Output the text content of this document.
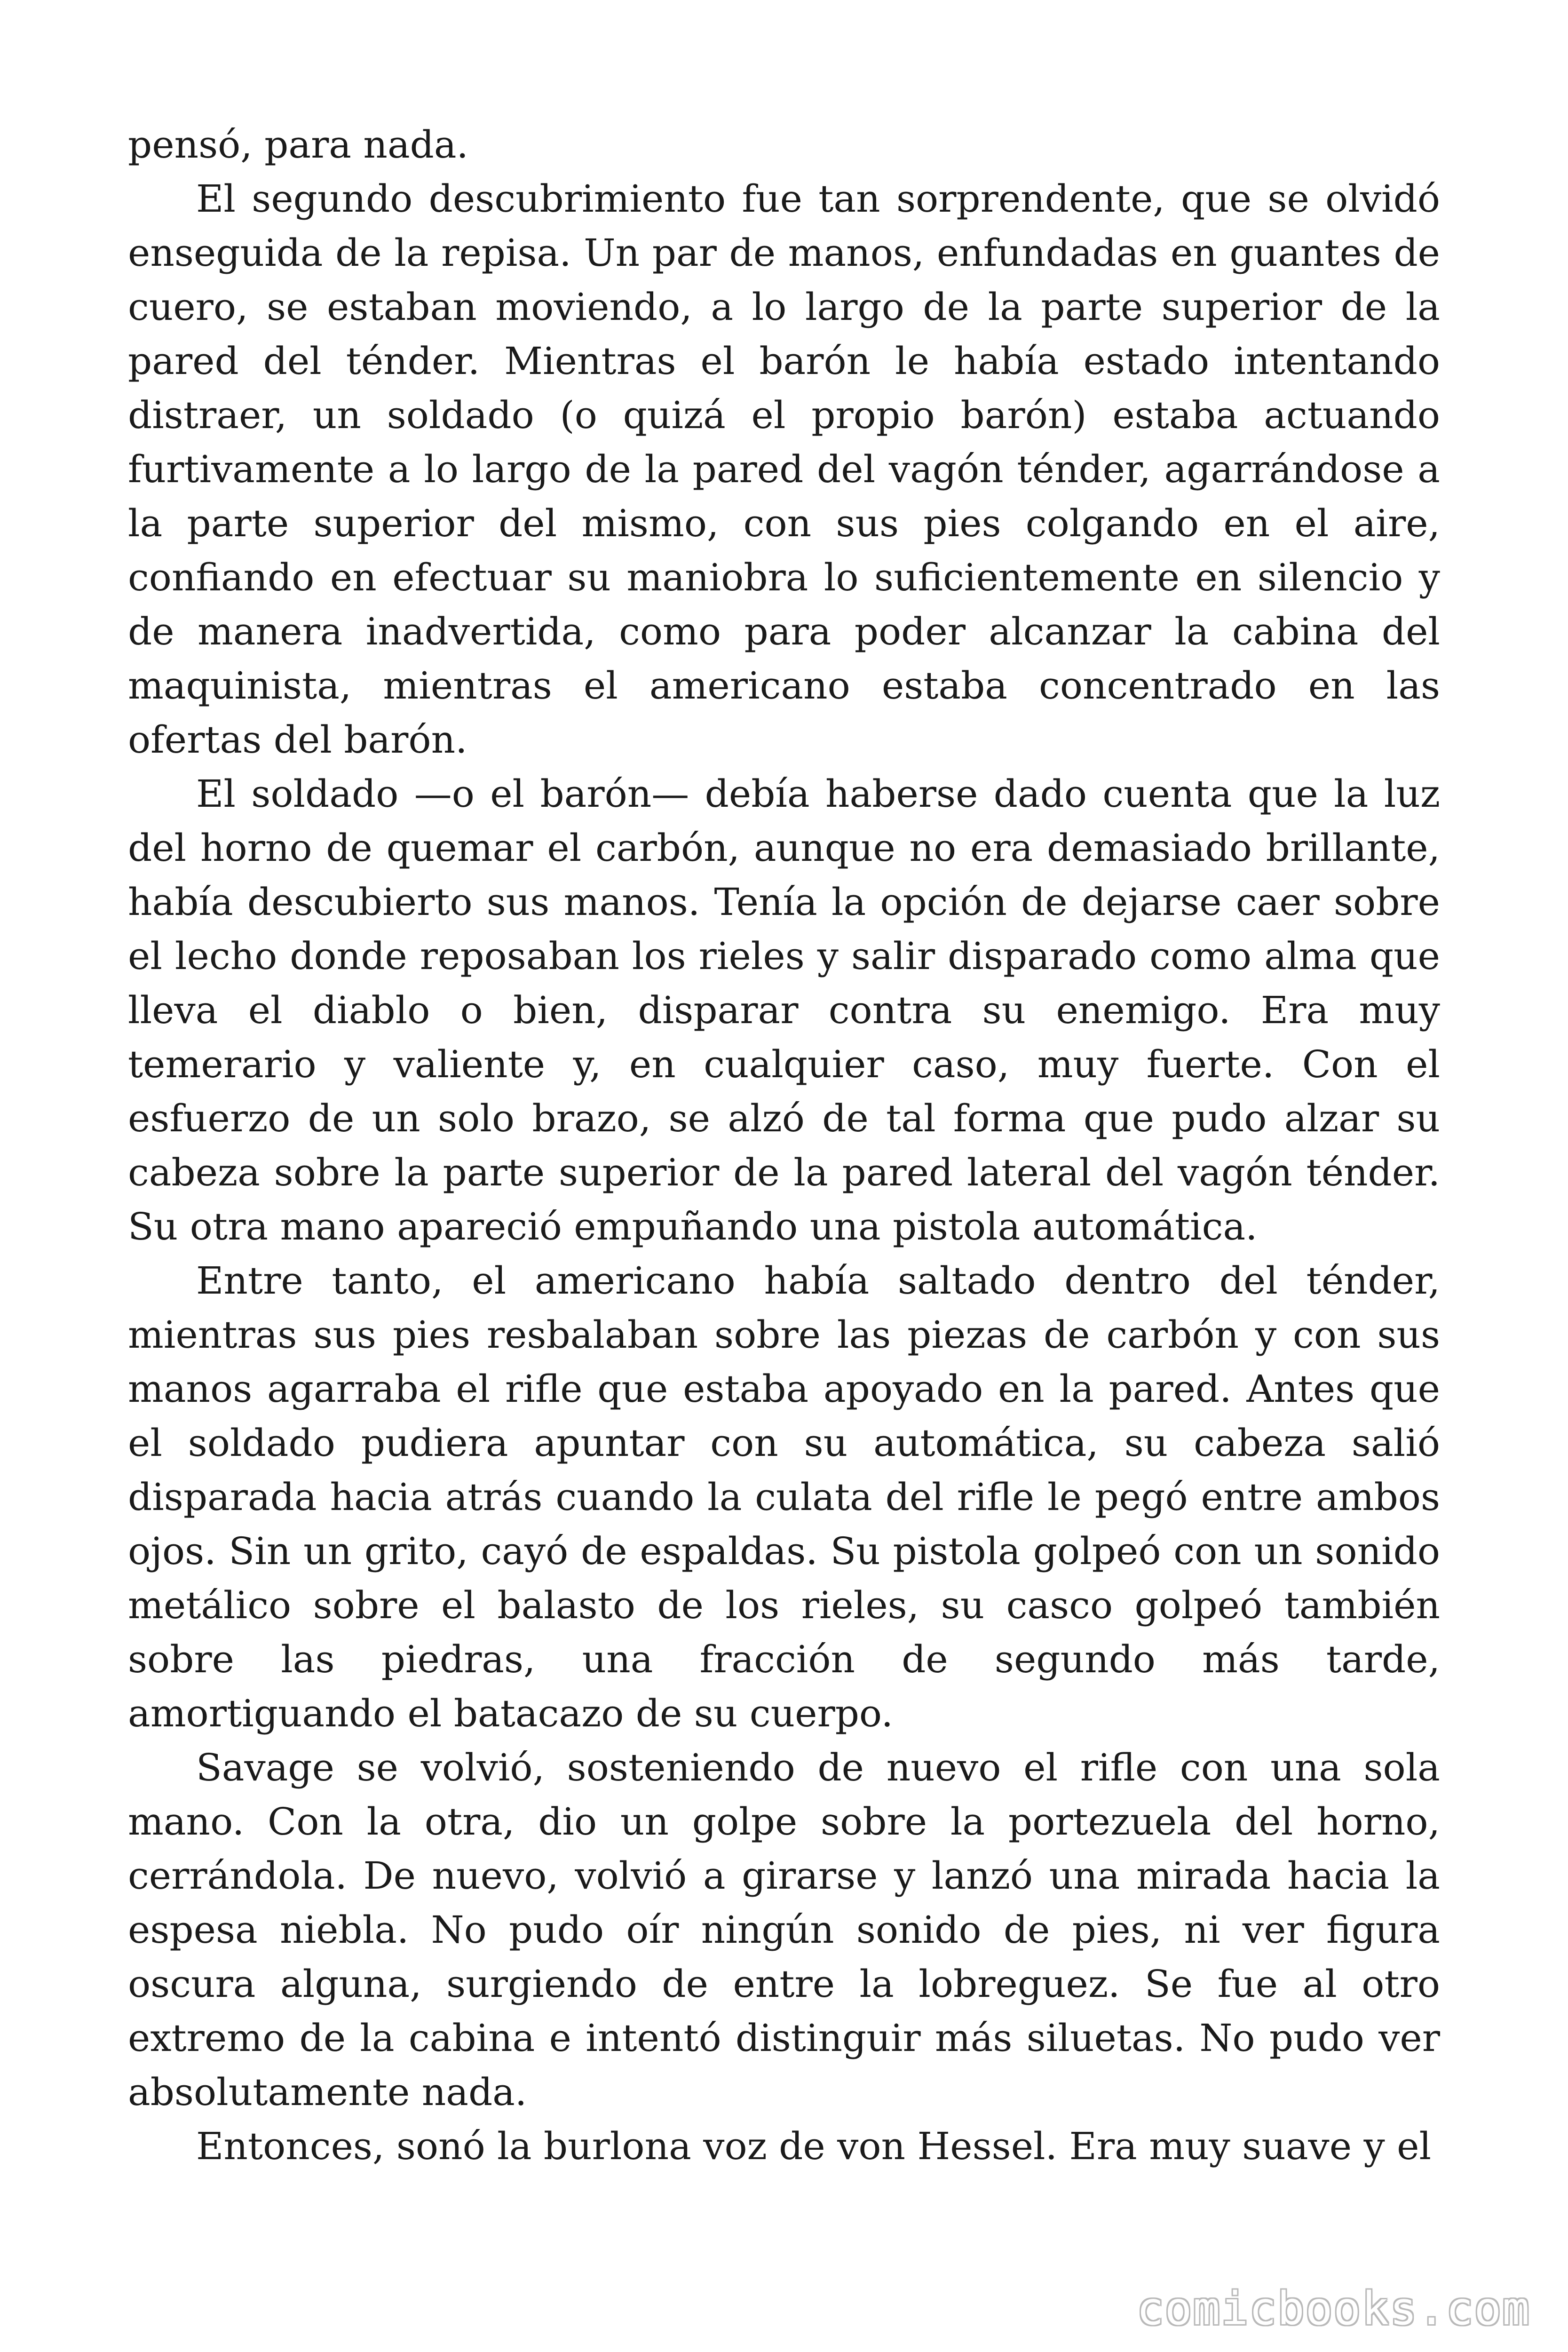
pensó, para nada.

El segundo descubrimiento fue tan sorprendente, que se olvidó enseguida de la repisa. Un par de manos, enfundadas en guantes de cuero, se estaban moviendo, a lo largo de la parte superior de la pared del ténder. Mientras el barón le había estado intentando distraer, un soldado (o quizá el propio barón) estaba actuando furtivamente a lo largo de la pared del vagón ténder, agarrándose a la parte superior del mismo, con sus pies colgando en el aire, confiando en efectuar su maniobra lo suficientemente en silencio y de manera inadvertida, como para poder alcanzar la cabina del maquinista, mientras el americano estaba concentrado en las ofertas del barón.

El soldado —o el barón— debía haberse dado cuenta que la luz del horno de quemar el carbón, aunque no era demasiado brillante, había descubierto sus manos. Tenía la opción de dejarse caer sobre el lecho donde reposaban los rieles y salir disparado como alma que lleva el diablo o bien, disparar contra su enemigo. Era muy temerario y valiente y, en cualquier caso, muy fuerte. Con el esfuerzo de un solo brazo, se alzó de tal forma que pudo alzar su cabeza sobre la parte superior de la pared lateral del vagón ténder. Su otra mano apareció empuñando una pistola automática.

Entre tanto, el americano había saltado dentro del ténder, mientras sus pies resbalaban sobre las piezas de carbón y con sus manos agarraba el rifle que estaba apoyado en la pared. Antes que el soldado pudiera apuntar con su automática, su cabeza salió disparada hacia atrás cuando la culata del rifle le pegó entre ambos ojos. Sin un grito, cayó de espaldas. Su pistola golpeó con un sonido metálico sobre el balasto de los rieles, su casco golpeó también sobre las piedras, una fracción de segundo más tarde, amortiguando el batacazo de su cuerpo.

Savage se volvió, sosteniendo de nuevo el rifle con una sola mano. Con la otra, dio un golpe sobre la portezuela del horno, cerrándola. De nuevo, volvió a girarse y lanzó una mirada hacia la espesa niebla. No pudo oír ningún sonido de pies, ni ver figura oscura alguna, surgiendo de entre la lobreguez. Se fue al otro extremo de la cabina e intentó distinguir más siluetas. No pudo ver absolutamente nada.

Entonces, sonó la burlona voz de von Hessel. Era muy suave y el

comicbooks.com
